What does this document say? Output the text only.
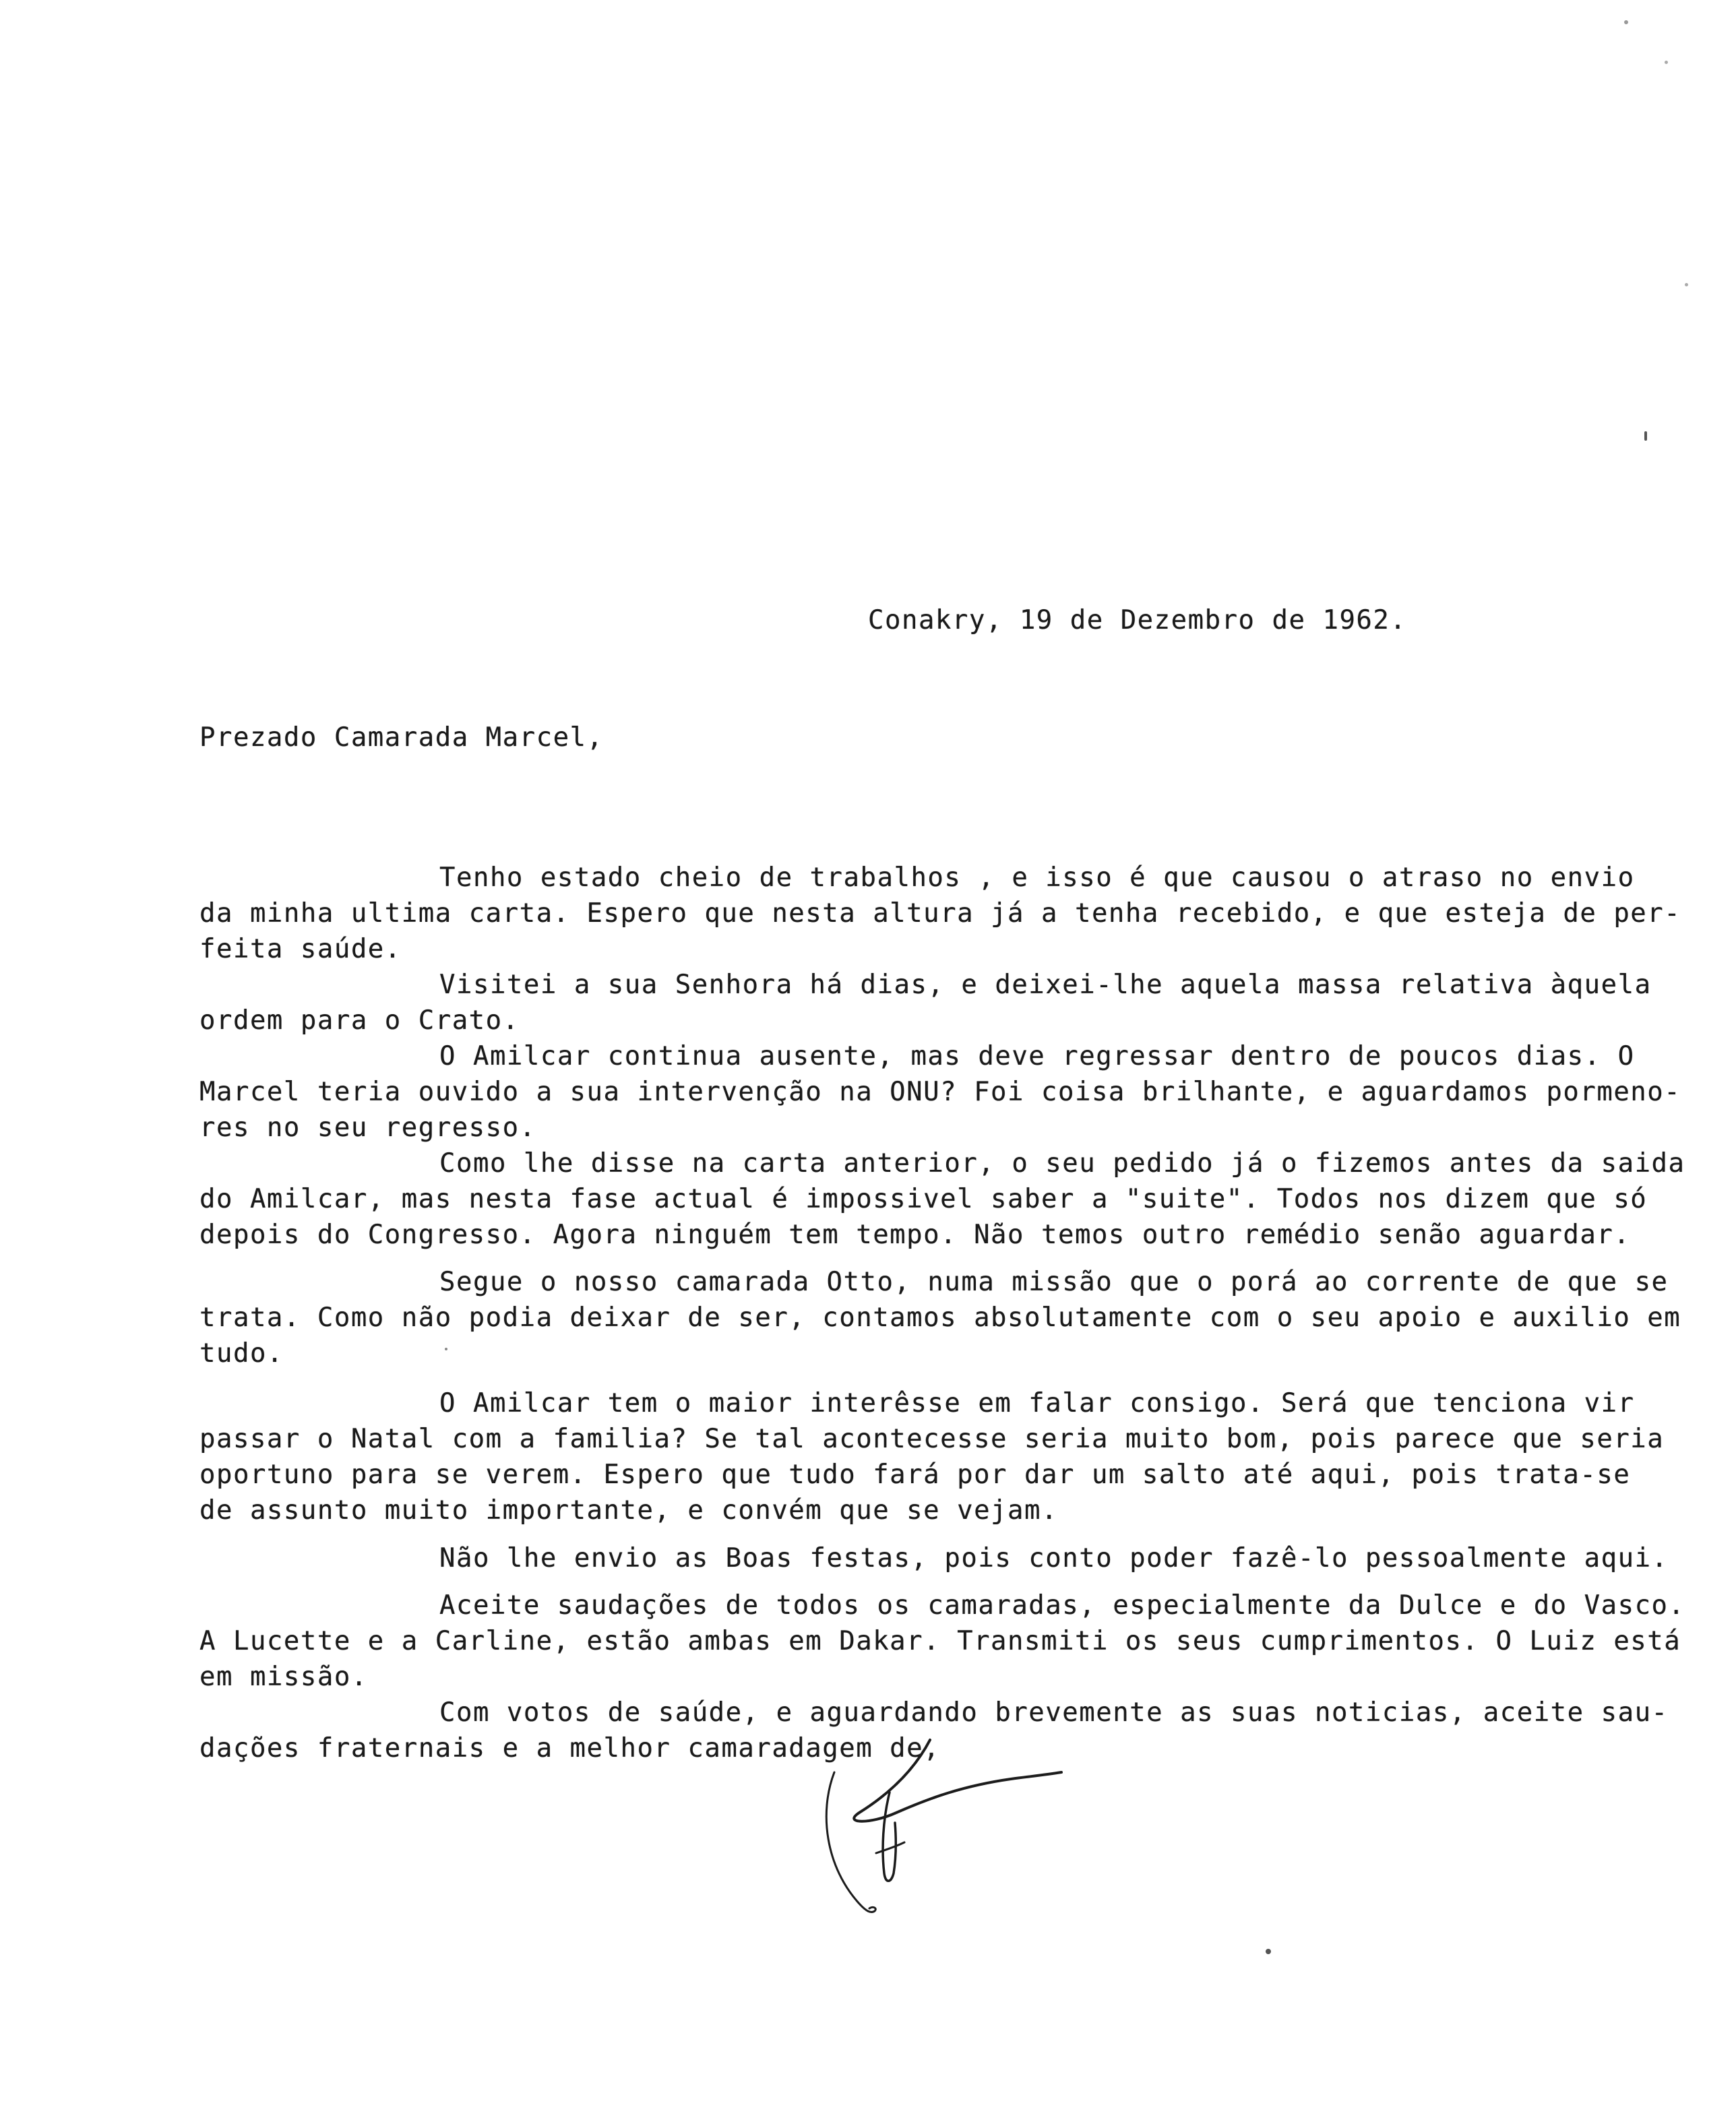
Conakry, 19 de Dezembro de 1962.
Prezado Camarada Marcel,
Tenho estado cheio de trabalhos , e isso é que causou o atraso no envio
da minha ultima carta. Espero que nesta altura já a tenha recebido, e que esteja de per-
feita saúde.
Visitei a sua Senhora há dias, e deixei-lhe aquela massa relativa àquela
ordem para o Crato.
O Amilcar continua ausente, mas deve regressar dentro de poucos dias. O
Marcel teria ouvido a sua intervenção na ONU? Foi coisa brilhante, e aguardamos pormeno-
res no seu regresso.
Como lhe disse na carta anterior, o seu pedido já o fizemos antes da saida
do Amilcar, mas nesta fase actual é impossivel saber a "suite". Todos nos dizem que só
depois do Congresso. Agora ninguém tem tempo. Não temos outro remédio senão aguardar.
Segue o nosso camarada Otto, numa missão que o porá ao corrente de que se
trata. Como não podia deixar de ser, contamos absolutamente com o seu apoio e auxilio em
tudo.
O Amilcar tem o maior interêsse em falar consigo. Será que tenciona vir
passar o Natal com a familia? Se tal acontecesse seria muito bom, pois parece que seria
oportuno para se verem. Espero que tudo fará por dar um salto até aqui, pois trata-se
de assunto muito importante, e convém que se vejam.
Não lhe envio as Boas festas, pois conto poder fazê-lo pessoalmente aqui.
Aceite saudações de todos os camaradas, especialmente da Dulce e do Vasco.
A Lucette e a Carline, estão ambas em Dakar. Transmiti os seus cumprimentos. O Luiz está
em missão.
Com votos de saúde, e aguardando brevemente as suas noticias, aceite sau-
dações fraternais e a melhor camaradagem de,
